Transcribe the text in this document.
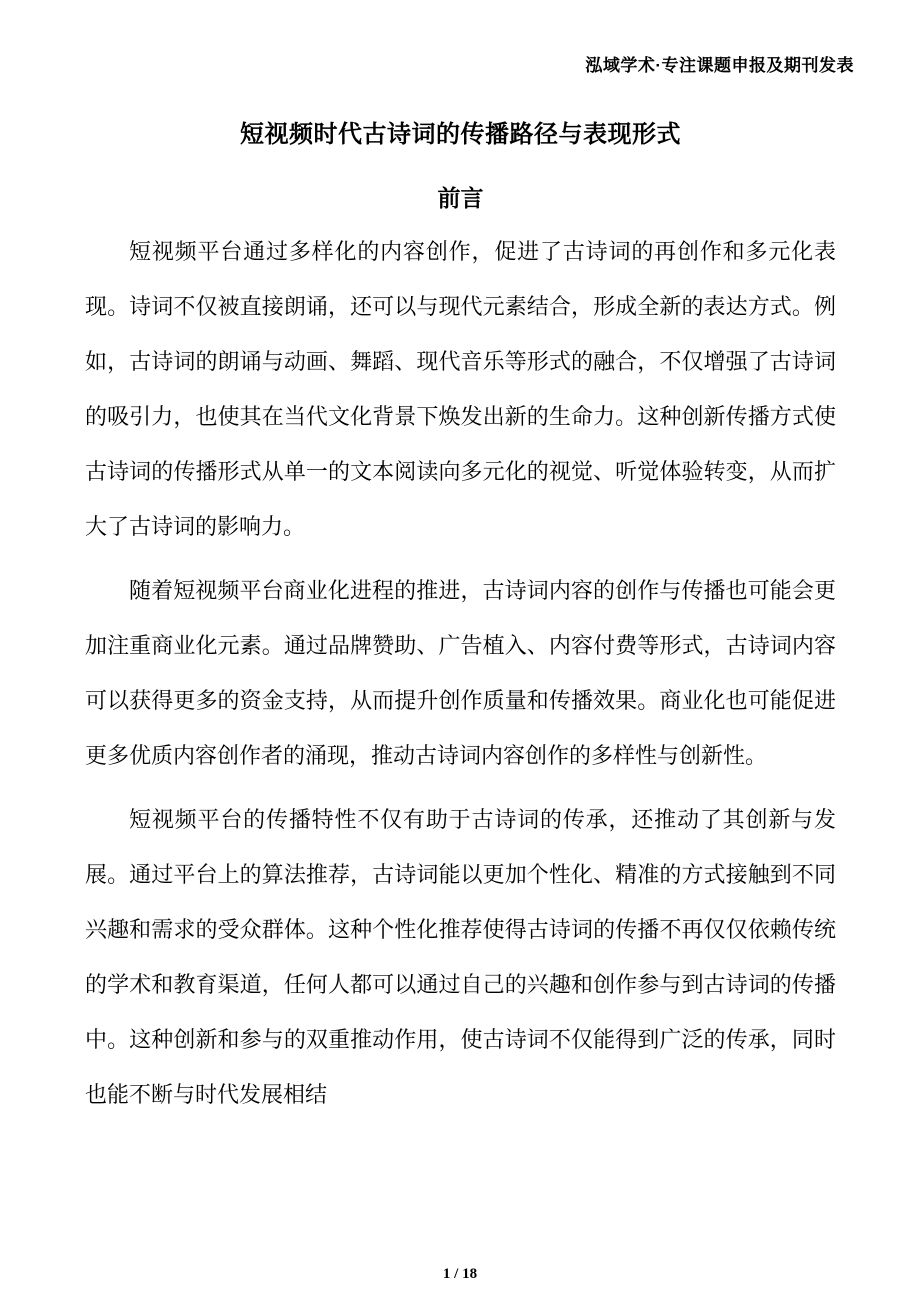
泓域学术·专注课题申报及期刊发表
短视频时代古诗词的传播路径与表现形式
前言

短视频平台通过多样化的内容创作，促进了古诗词的再创作和多元化表现。诗词不仅被直接朗诵，还可以与现代元素结合，形成全新的表达方式。例如，古诗词的朗诵与动画、舞蹈、现代音乐等形式的融合，不仅增强了古诗词的吸引力，也使其在当代文化背景下焕发出新的生命力。这种创新传播方式使古诗词的传播形式从单一的文本阅读向多元化的视觉、听觉体验转变，从而扩大了古诗词的影响力。

随着短视频平台商业化进程的推进，古诗词内容的创作与传播也可能会更加注重商业化元素。通过品牌赞助、广告植入、内容付费等形式，古诗词内容可以获得更多的资金支持，从而提升创作质量和传播效果。商业化也可能促进更多优质内容创作者的涌现，推动古诗词内容创作的多样性与创新性。

短视频平台的传播特性不仅有助于古诗词的传承，还推动了其创新与发展。通过平台上的算法推荐，古诗词能以更加个性化、精准的方式接触到不同兴趣和需求的受众群体。这种个性化推荐使得古诗词的传播不再仅仅依赖传统的学术和教育渠道，任何人都可以通过自己的兴趣和创作参与到古诗词的传播中。这种创新和参与的双重推动作用，使古诗词不仅能得到广泛的传承，同时也能不断与时代发展相结

1 / 18
